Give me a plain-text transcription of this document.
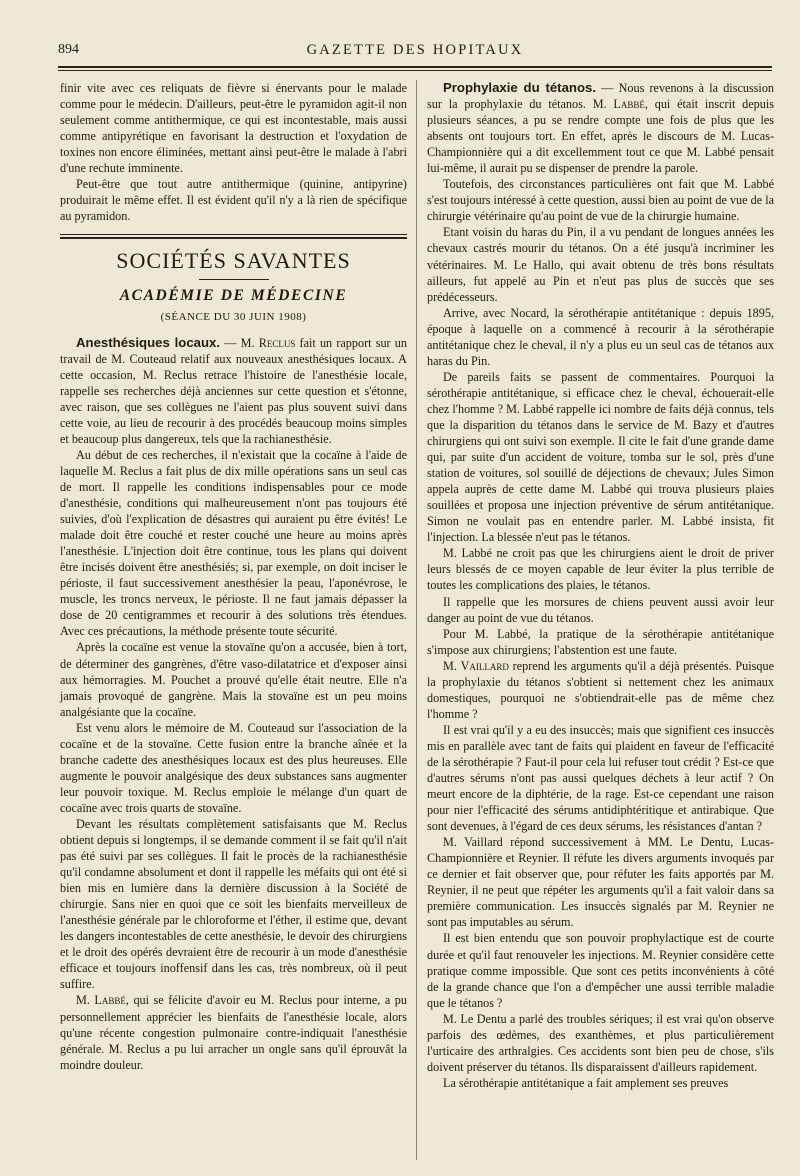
894	GAZETTE DES HOPITAUX

finir vite avec ces reliquats de fièvre si énervants pour le malade comme pour le médecin. D'ailleurs, peut-être le pyramidon agit-il non seulement comme antithermique, ce qui est incontestable, mais aussi comme antipyrétique en favorisant la destruction et l'oxydation de toxines non encore éliminées, mettant ainsi peut-être le malade à l'abri d'une rechute imminente.

Peut-être que tout autre antithermique (quinine, antipyrine) produirait le même effet. Il est évident qu'il n'y a là rien de spécifique au pyramidon.

SOCIÉTÉS SAVANTES
ACADÉMIE DE MÉDECINE
(SÉANCE DU 30 JUIN 1908)

Anesthésiques locaux. — M. Reclus fait un rapport sur un travail de M. Couteaud relatif aux nouveaux anesthésiques locaux. A cette occasion, M. Reclus retrace l'histoire de l'anesthésie locale, rappelle ses recherches déjà anciennes sur cette question et s'étonne, avec raison, que ses collègues ne l'aient pas plus souvent suivi dans cette voie, au lieu de recourir à des procédés beaucoup moins simples et beaucoup plus dangereux, tels que la rachianesthésie.

Au début de ces recherches, il n'existait que la cocaïne à l'aide de laquelle M. Reclus a fait plus de dix mille opérations sans un seul cas de mort. Il rappelle les conditions indispensables pour ce mode d'anesthésie, conditions qui malheureusement n'ont pas toujours été suivies, d'où l'explication de désastres qui auraient pu être évités! Le malade doit être couché et rester couché une heure au moins après l'anesthésie. L'injection doit être continue, tous les plans qui doivent être incisés doivent être anesthésiés; si, par exemple, on doit inciser le périoste, il faut successivement anesthésier la peau, l'aponévrose, le muscle, les troncs nerveux, le périoste. Il ne faut jamais dépasser la dose de 20 centigrammes et recourir à des solutions très étendues. Avec ces précautions, la méthode présente toute sécurité.

Après la cocaïne est venue la stovaïne qu'on a accusée, bien à tort, de déterminer des gangrènes, d'être vaso-dilatatrice et d'exposer ainsi aux hémorragies. M. Pouchet a prouvé qu'elle était neutre. Elle n'a jamais provoqué de gangrène. Mais la stovaïne est un peu moins analgésiante que la cocaïne.

Est venu alors le mémoire de M. Couteaud sur l'association de la cocaïne et de la stovaïne. Cette fusion entre la branche aînée et la branche cadette des anesthésiques locaux est des plus heureuses. Elle augmente le pouvoir analgésique des deux substances sans augmenter leur pouvoir toxique. M. Reclus emploie le mélange d'un quart de cocaïne avec trois quarts de stovaïne.

Devant les résultats complètement satisfaisants que M. Reclus obtient depuis si longtemps, il se demande comment il se fait qu'il n'ait pas été suivi par ses collègues. Il fait le procès de la rachianesthésie qu'il condamne absolument et dont il rappelle les méfaits qui ont été si bien mis en lumière dans la dernière discussion à la Société de chirurgie. Sans nier en quoi que ce soit les bienfaits merveilleux de l'anesthésie générale par le chloroforme et l'éther, il estime que, devant les dangers incontestables de cette anesthésie, le devoir des chirurgiens et le droit des opérés devraient être de recourir à un mode d'anesthésie efficace et toujours inoffensif dans les cas, très nombreux, où il peut suffire.

M. Labbé, qui se félicite d'avoir eu M. Reclus pour interne, a pu personnellement apprécier les bienfaits de l'anesthésie locale, alors qu'une récente congestion pulmonaire contre-indiquait l'anesthésie générale. M. Reclus a pu lui arracher un ongle sans qu'il éprouvât la moindre douleur.

Prophylaxie du tétanos. — Nous revenons à la discussion sur la prophylaxie du tétanos. M. Labbé, qui était inscrit depuis plusieurs séances, a pu se rendre compte une fois de plus que les absents ont toujours tort. En effet, après le discours de M. Lucas-Championnière qui a dit excellemment tout ce que M. Labbé pensait lui-même, il aurait pu se dispenser de prendre la parole.

Toutefois, des circonstances particulières ont fait que M. Labbé s'est toujours intéressé à cette question, aussi bien au point de vue de la chirurgie vétérinaire qu'au point de vue de la chirurgie humaine.

Etant voisin du haras du Pin, il a vu pendant de longues années les chevaux castrés mourir du tétanos. On a été jusqu'à incriminer les vétérinaires. M. Le Hallo, qui avait obtenu de très bons résultats ailleurs, fut appelé au Pin et n'eut pas plus de succès que ses prédécesseurs.

Arrive, avec Nocard, la sérothérapie antitétanique : depuis 1895, époque à laquelle on a commencé à recourir à la sérothérapie antitétanique chez le cheval, il n'y a plus eu un seul cas de tétanos aux haras du Pin.

De pareils faits se passent de commentaires. Pourquoi la sérothérapie antitétanique, si efficace chez le cheval, échouerait-elle chez l'homme ? M. Labbé rappelle ici nombre de faits déjà connus, tels que la disparition du tétanos dans le service de M. Bazy et d'autres chirurgiens qui ont suivi son exemple. Il cite le fait d'une grande dame qui, par suite d'un accident de voiture, tomba sur le sol, près d'une station de voitures, sol souillé de déjections de chevaux; Jules Simon appela auprès de cette dame M. Labbé qui trouva plusieurs plaies souillées et proposa une injection préventive de sérum antitétanique. Simon ne voulait pas en entendre parler. M. Labbé insista, fit l'injection. La blessée n'eut pas le tétanos.

M. Labbé ne croit pas que les chirurgiens aient le droit de priver leurs blessés de ce moyen capable de leur éviter la plus terrible de toutes les complications des plaies, le tétanos.

Il rappelle que les morsures de chiens peuvent aussi avoir leur danger au point de vue du tétanos.

Pour M. Labbé, la pratique de la sérothérapie antitétanique s'impose aux chirurgiens; l'abstention est une faute.

M. Vaillard reprend les arguments qu'il a déjà présentés. Puisque la prophylaxie du tétanos s'obtient si nettement chez les animaux domestiques, pourquoi ne s'obtiendrait-elle pas de même chez l'homme ?

Il est vrai qu'il y a eu des insuccès; mais que signifient ces insuccès mis en parallèle avec tant de faits qui plaident en faveur de l'efficacité de la sérothérapie ? Faut-il pour cela lui refuser tout crédit ? Est-ce que d'autres sérums n'ont pas aussi quelques déchets à leur actif ? On meurt encore de la diphtérie, de la rage. Est-ce cependant une raison pour nier l'efficacité des sérums antidiphtéritique et antirabique. Que sont devenues, à l'égard de ces deux sérums, les résistances d'antan ?

M. Vaillard répond successivement à MM. Le Dentu, Lucas-Championnière et Reynier. Il réfute les divers arguments invoqués par ce dernier et fait observer que, pour réfuter les faits apportés par M. Reynier, il ne peut que répéter les arguments qu'il a fait valoir dans sa première communication. Les insuccès signalés par M. Reynier ne sont pas imputables au sérum.

Il est bien entendu que son pouvoir prophylactique est de courte durée et qu'il faut renouveler les injections. M. Reynier considère cette pratique comme impossible. Que sont ces petits inconvénients à côté de la grande chance que l'on a d'empêcher une aussi terrible maladie que le tétanos ?

M. Le Dentu a parlé des troubles sériques; il est vrai qu'on observe parfois des œdèmes, des exanthèmes, et plus particulièrement l'urticaire des arthralgies. Ces accidents sont bien peu de chose, s'ils doivent préserver du tétanos. Ils disparaissent d'ailleurs rapidement.

La sérothérapie antitétanique a fait amplement ses preuves
